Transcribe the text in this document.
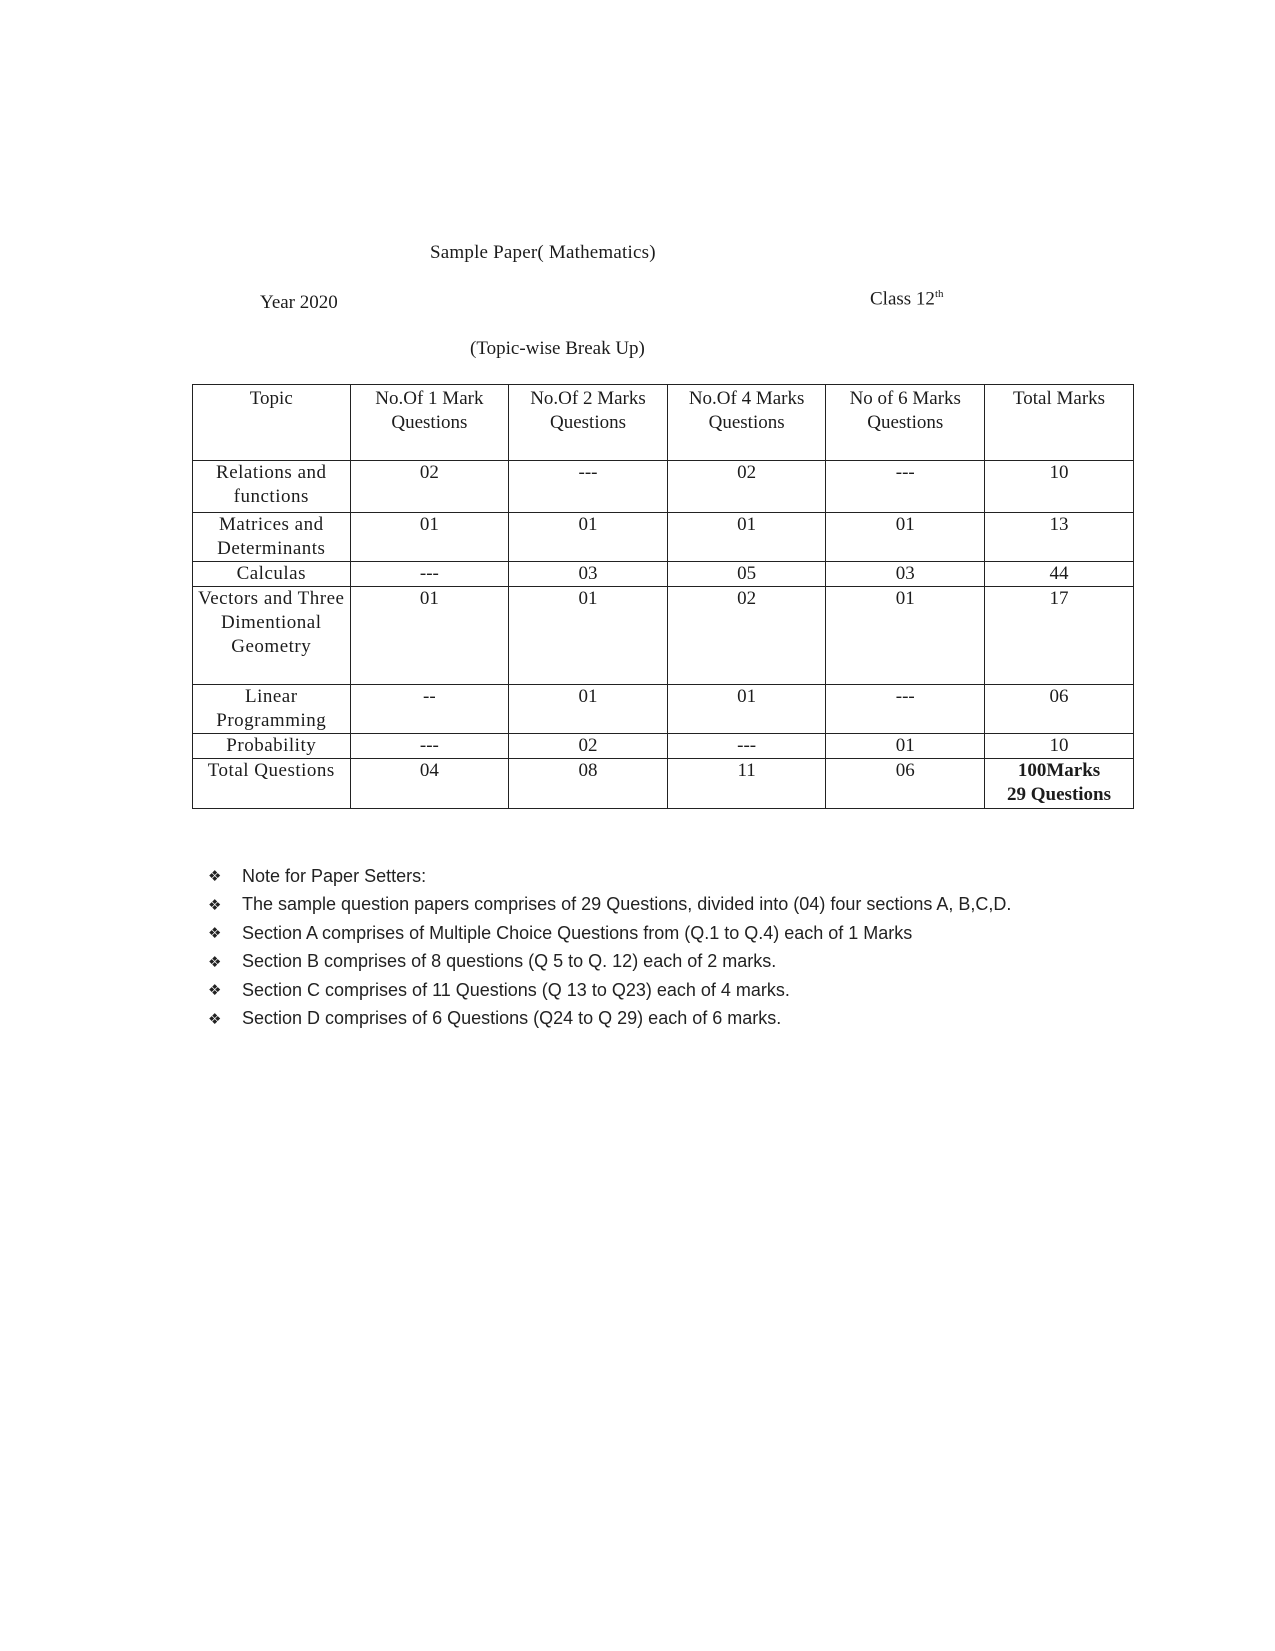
Sample Paper( Mathematics)
Year 2020	Class 12th
(Topic-wise Break Up)
Topic	No.Of 1 Mark Questions	No.Of 2 Marks Questions	No.Of 4 Marks Questions	No of 6 Marks Questions	Total Marks
Relations and functions	02	---	02	---	10
Matrices and Determinants	01	01	01	01	13
Calculas	---	03	05	03	44
Vectors and Three Dimentional Geometry	01	01	02	01	17
Linear Programming	--	01	01	---	06
Probability	---	02	---	01	10
Total Questions	04	08	11	06	100Marks
29 Questions
❖	Note for Paper Setters:
❖	The sample question papers comprises of 29 Questions, divided into (04) four sections A, B,C,D.
❖	Section A comprises of Multiple Choice Questions from (Q.1 to Q.4) each of 1 Marks
❖	Section B comprises of 8 questions (Q 5 to Q. 12) each of 2 marks.
❖	Section C comprises of 11 Questions (Q 13 to Q23) each of 4 marks.
❖	Section D comprises of 6 Questions (Q24 to Q 29) each of 6 marks.
